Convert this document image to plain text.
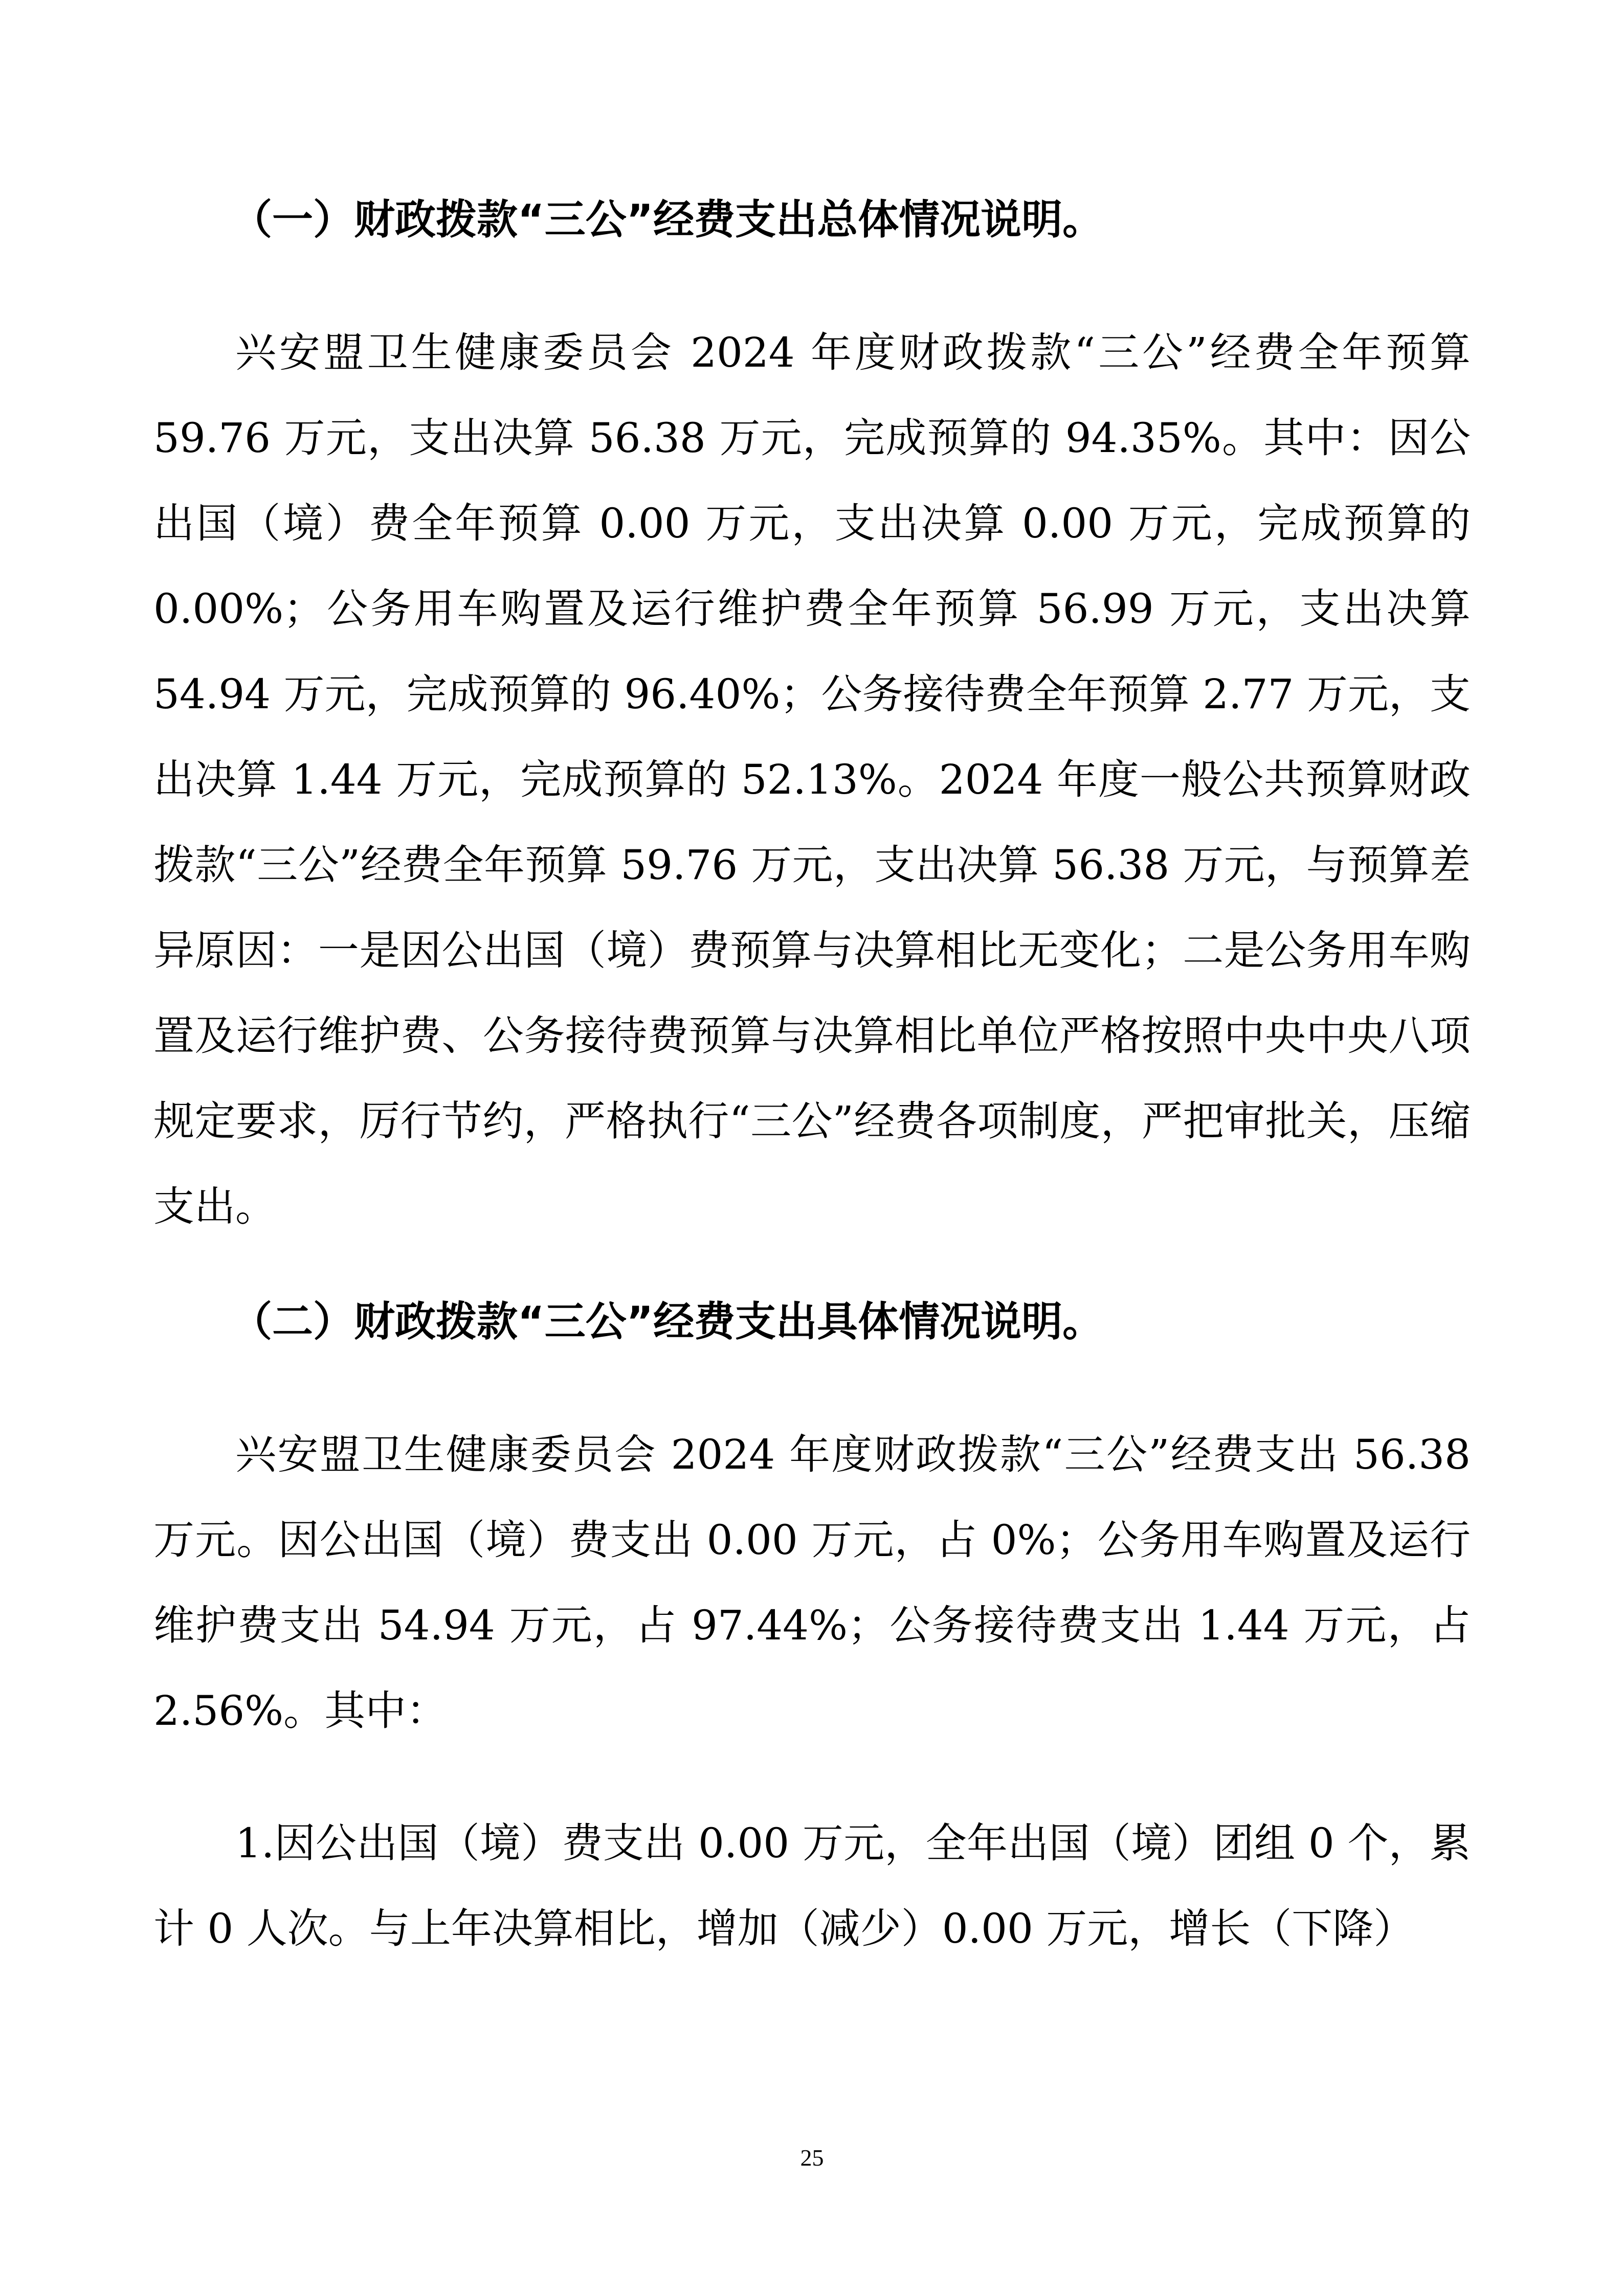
（一）财政拨款“三公”经费支出总体情况说明。

兴安盟卫生健康委员会 2024 年度财政拨款“三公”经费全年预算 59.76 万元，支出决算 56.38 万元，完成预算的 94.35%。其中：因公出国（境）费全年预算 0.00 万元，支出决算 0.00 万元，完成预算的 0.00%；公务用车购置及运行维护费全年预算 56.99 万元，支出决算 54.94 万元，完成预算的 96.40%；公务接待费全年预算 2.77 万元，支出决算 1.44 万元，完成预算的 52.13%。2024 年度一般公共预算财政拨款“三公”经费全年预算 59.76 万元，支出决算 56.38 万元，与预算差异原因：一是因公出国（境）费预算与决算相比无变化；二是公务用车购置及运行维护费、公务接待费预算与决算相比单位严格按照中央中央八项规定要求，厉行节约，严格执行“三公”经费各项制度，严把审批关，压缩支出。

（二）财政拨款“三公”经费支出具体情况说明。

兴安盟卫生健康委员会 2024 年度财政拨款“三公”经费支出 56.38 万元。因公出国（境）费支出 0.00 万元，占 0%；公务用车购置及运行维护费支出 54.94 万元，占 97.44%；公务接待费支出 1.44 万元，占 2.56%。其中：

1.因公出国（境）费支出 0.00 万元，全年出国（境）团组 0 个，累计 0 人次。与上年决算相比，增加（减少）0.00 万元，增长（下降）

25
